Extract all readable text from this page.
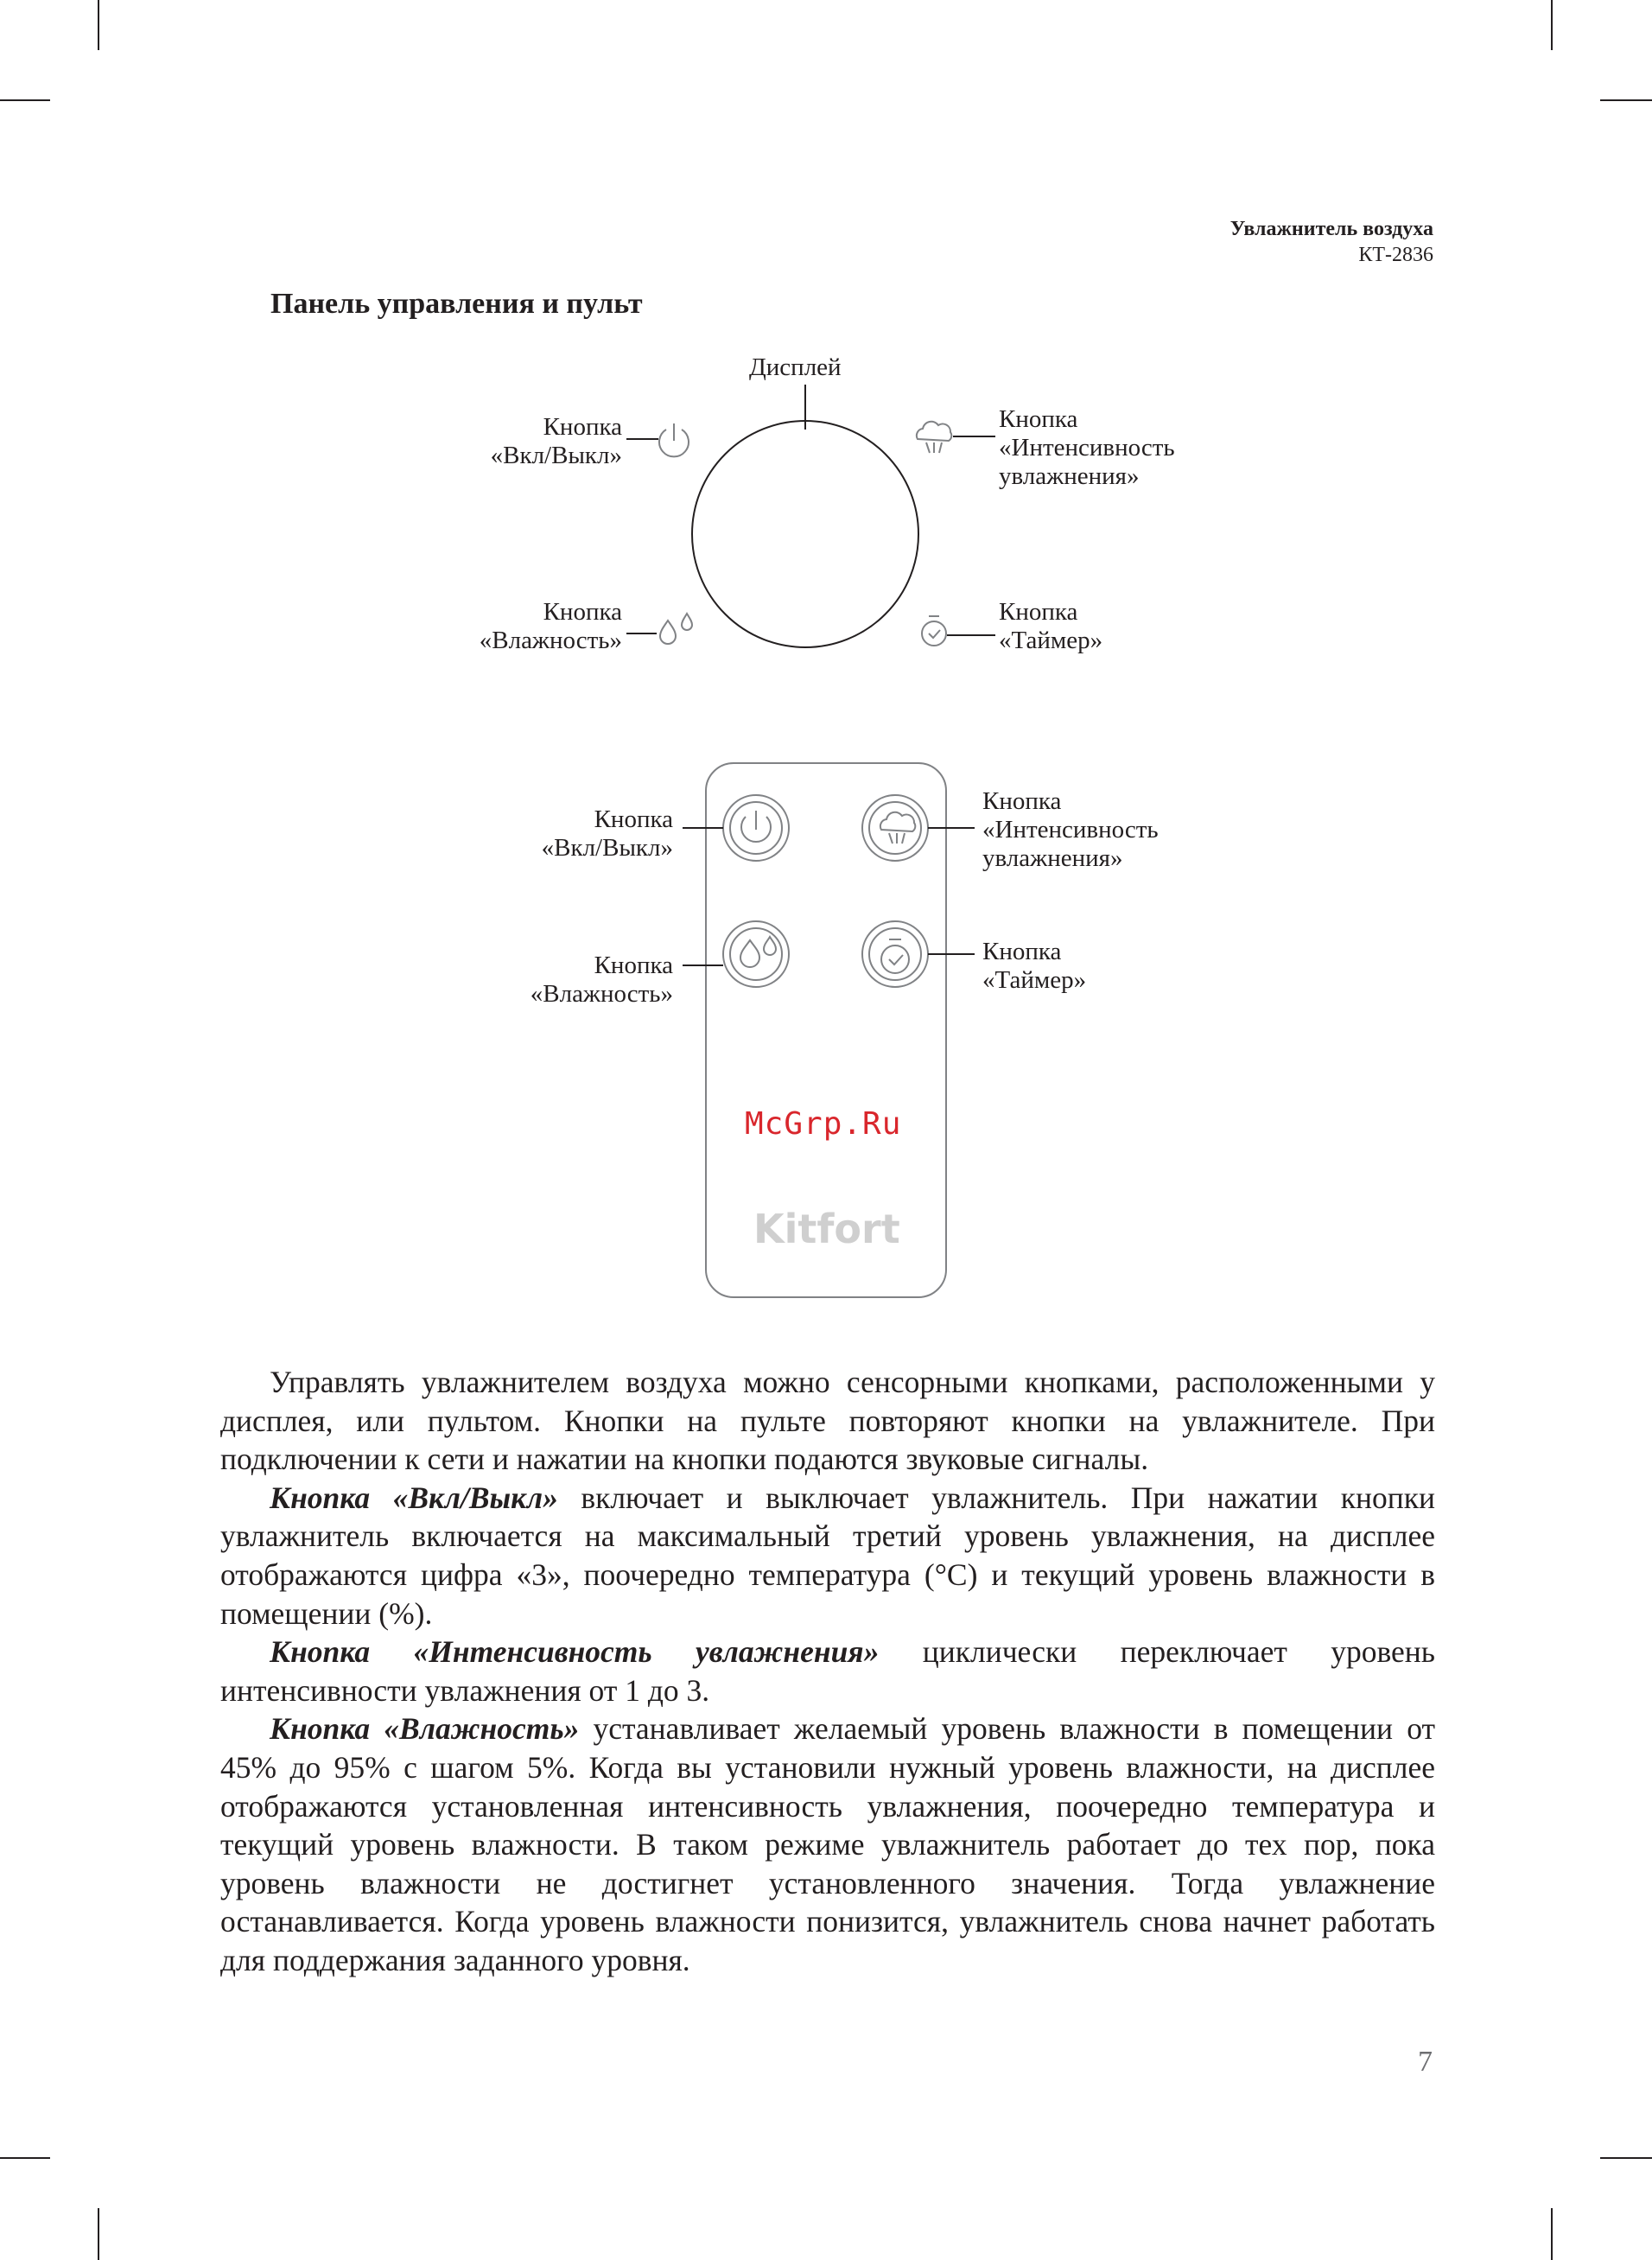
Увлажнитель воздуха
КТ-2836
Панель управления и пульт
Дисплей
Кнопка
«Вкл/Выкл»
Кнопка
«Интенсивность
увлажнения»
Кнопка
«Влажность»
Кнопка
«Таймер»
Кнопка
«Вкл/Выкл»
Кнопка
«Интенсивность
увлажнения»
Кнопка
«Влажность»
Кнопка
«Таймер»
McGrp.Ru
Kitfort

Управлять увлажнителем воздуха можно сенсорными кнопками, расположенными у дисплея, или пультом. Кнопки на пульте повторяют кнопки на увлажнителе. При подключении к сети и нажатии на кнопки подаются звуковые сигналы.

Кнопка «Вкл/Выкл» включает и выключает увлажнитель. При нажатии кнопки увлажнитель включается на максимальный третий уровень увлажнения, на дисплее отображаются цифра «3», поочередно температура (°С) и текущий уровень влажности в помещении (%).

Кнопка «Интенсивность увлажнения» циклически переключает уровень интенсивности увлажнения от 1 до 3.

Кнопка «Влажность» устанавливает желаемый уровень влажности в помещении от 45% до 95% с шагом 5%. Когда вы установили нужный уровень влажности, на дисплее отображаются установленная интенсивность увлажнения, поочередно температура и текущий уровень влажности. В таком режиме увлажнитель работает до тех пор, пока уровень влажности не достигнет установленного значения. Тогда увлажнение останавливается. Когда уровень влажности понизится, увлажнитель снова начнет работать для поддержания заданного уровня.

7
